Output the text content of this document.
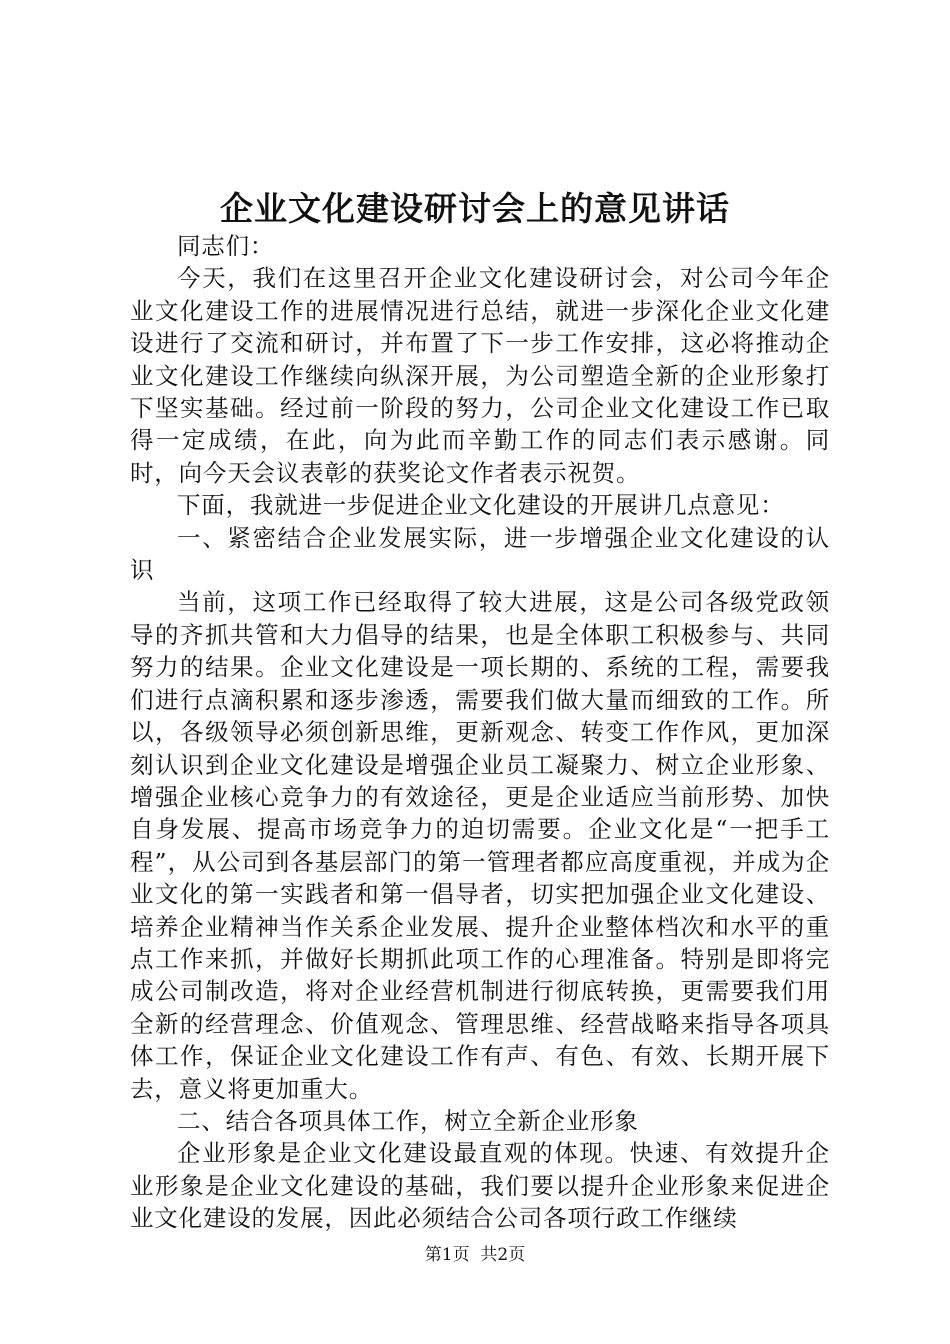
企业文化建设研讨会上的意见讲话

同志们：

今天，我们在这里召开企业文化建设研讨会，对公司今年企业文化建设工作的进展情况进行总结，就进一步深化企业文化建设进行了交流和研讨，并布置了下一步工作安排，这必将推动企业文化建设工作继续向纵深开展，为公司塑造全新的企业形象打下坚实基础。经过前一阶段的努力，公司企业文化建设工作已取得一定成绩，在此，向为此而辛勤工作的同志们表示感谢。同时，向今天会议表彰的获奖论文作者表示祝贺。

下面，我就进一步促进企业文化建设的开展讲几点意见：

一、紧密结合企业发展实际，进一步增强企业文化建设的认识

当前，这项工作已经取得了较大进展，这是公司各级党政领导的齐抓共管和大力倡导的结果，也是全体职工积极参与、共同努力的结果。企业文化建设是一项长期的、系统的工程，需要我们进行点滴积累和逐步渗透，需要我们做大量而细致的工作。所以，各级领导必须创新思维，更新观念、转变工作作风，更加深刻认识到企业文化建设是增强企业员工凝聚力、树立企业形象、增强企业核心竞争力的有效途径，更是企业适应当前形势、加快自身发展、提高市场竞争力的迫切需要。企业文化是“一把手工程”，从公司到各基层部门的第一管理者都应高度重视，并成为企业文化的第一实践者和第一倡导者，切实把加强企业文化建设、培养企业精神当作关系企业发展、提升企业整体档次和水平的重点工作来抓，并做好长期抓此项工作的心理准备。特别是即将完成公司制改造，将对企业经营机制进行彻底转换，更需要我们用全新的经营理念、价值观念、管理思维、经营战略来指导各项具体工作，保证企业文化建设工作有声、有色、有效、长期开展下去，意义将更加重大。

二、结合各项具体工作，树立全新企业形象

企业形象是企业文化建设最直观的体现。快速、有效提升企业形象是企业文化建设的基础，我们要以提升企业形象来促进企业文化建设的发展，因此必须结合公司各项行政工作继续

第1页  共2页
